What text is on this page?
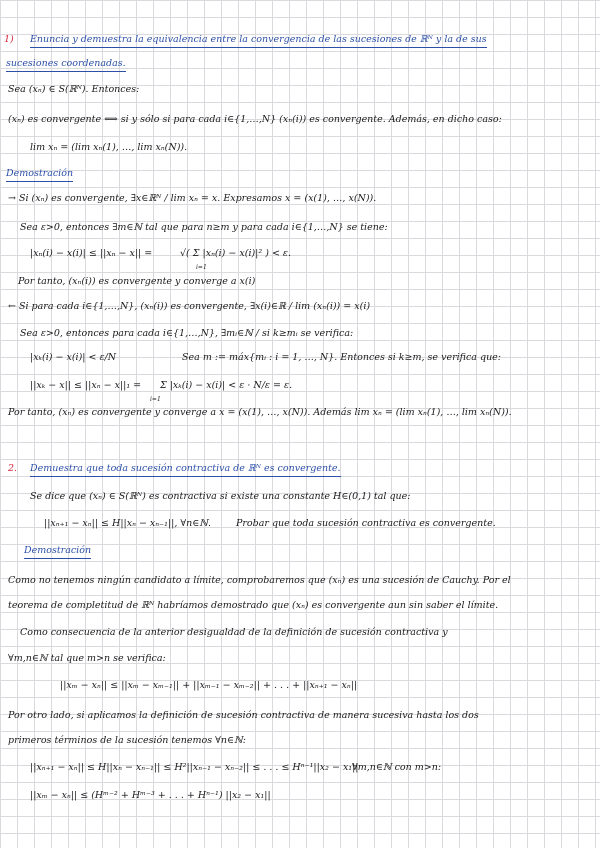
1) Enuncia y demuestra la equivalencia entre la convergencia de las sucesiones de ℝᴺ y la de sus
sucesiones coordenadas.
Sea (xₙ) ∈ S(ℝᴺ). Entonces:
(xₙ) es convergente ⟺ si y sólo si para cada i∈{1,…,N} (xₙ(i)) es convergente. Además, en dicho caso:
lim xₙ = (lim xₙ(1), …, lim xₙ(N)).
Demostración
→ Si (xₙ) es convergente, ∃x∈ℝᴺ / lim xₙ = x. Expresamos x = (x(1), …, x(N)).
Sea ε>0, entonces ∃m∈ℕ tal que para n≥m y para cada i∈{1,…,N} se tiene:
|xₙ(i) − x(i)| ≤ ||xₙ − x|| =	√( Σ |xₙ(i) − x(i)|² ) < ε.
i=1
Por tanto, (xₙ(i)) es convergente y converge a x(i)
← Si para cada i∈{1,…,N}, (xₙ(i)) es convergente, ∃x(i)∈ℝ / lim (xₙ(i)) = x(i)
Sea ε>0, entonces para cada i∈{1,…,N}, ∃mᵢ∈ℕ / si k≥mᵢ se verifica:
|xₖ(i) − x(i)| < ε/N	Sea m := máx{mᵢ : i = 1, …, N}. Entonces si k≥m, se verifica que:
||xₖ − x|| ≤ ||xₙ − x||₁ = Σ |xₖ(i) − x(i)| < ε · N/ε = ε.
i=1
Por tanto, (xₙ) es convergente y converge a x = (x(1), …, x(N)). Además lim xₙ = (lim xₙ(1), …, lim xₙ(N)).
2. Demuestra que toda sucesión contractiva de ℝᴺ es convergente.
Se dice que (xₙ) ∈ S(ℝᴺ) es contractiva si existe una constante H∈(0,1) tal que:
||xₙ₊₁ − xₙ|| ≤ H||xₙ − xₙ₋₁||, ∀n∈ℕ.	Probar que toda sucesión contractiva es convergente.
Demostración
Como no tenemos ningún candidato a límite, comprobaremos que (xₙ) es una sucesión de Cauchy. Por el
teorema de completitud de ℝᴺ habríamos demostrado que (xₙ) es convergente aun sin saber el límite.
Como consecuencia de la anterior desigualdad de la definición de sucesión contractiva y
∀m,n∈ℕ tal que m>n se verifica:
||xₘ − xₙ|| ≤ ||xₘ − xₘ₋₁|| + ||xₘ₋₁ − xₘ₋₂|| + . . . + ||xₙ₊₁ − xₙ||
Por otro lado, si aplicamos la definición de sucesión contractiva de manera sucesiva hasta los dos
primeros términos de la sucesión tenemos ∀n∈ℕ:
||xₙ₊₁ − xₙ|| ≤ H||xₙ − xₙ₋₁|| ≤ H²||xₙ₋₁ − xₙ₋₂|| ≤ . . . ≤ Hⁿ⁻¹||x₂ − x₁||
∀m,n∈ℕ con m>n:
||xₘ − xₙ|| ≤ (Hᵐ⁻² + Hᵐ⁻³ + . . . + Hⁿ⁻¹) ||x₂ − x₁||
